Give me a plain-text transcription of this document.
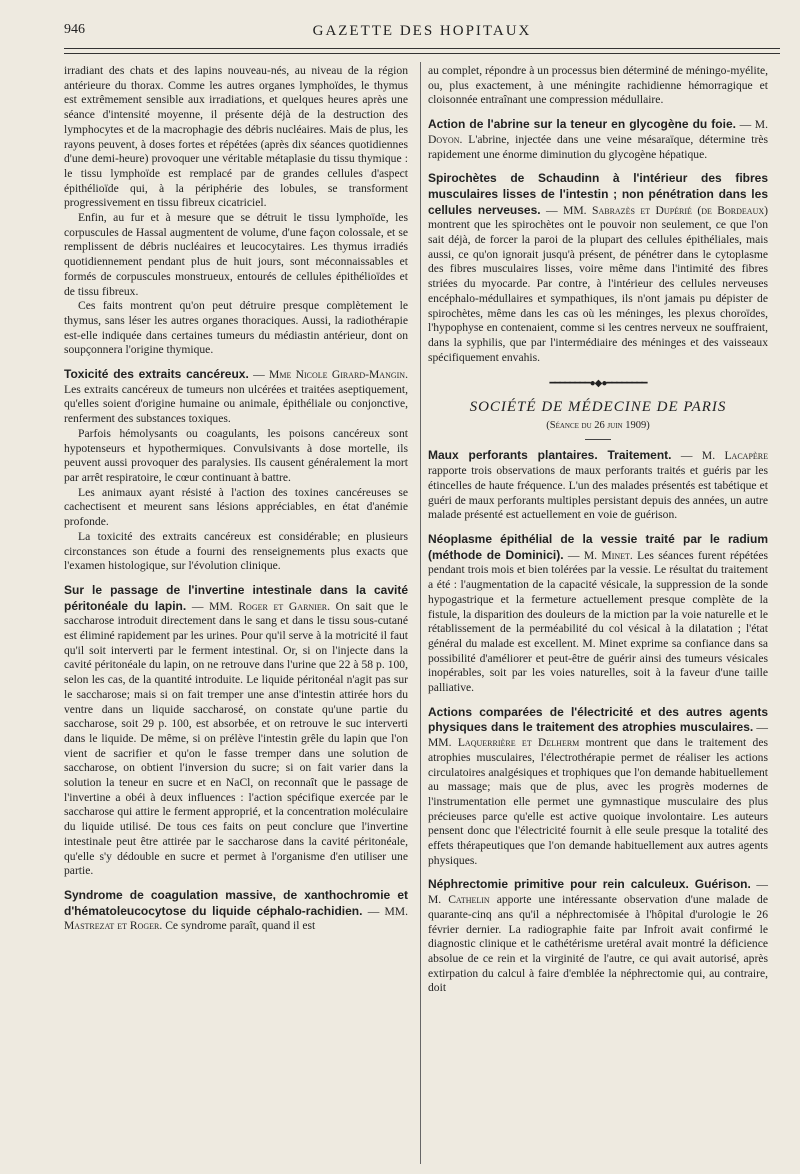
946	GAZETTE DES HOPITAUX

irradiant des chats et des lapins nouveau-nés, au niveau de la région antérieure du thorax. Comme les autres organes lymphoïdes, le thymus est extrêmement sensible aux irradiations, et quelques heures après une séance d'intensité moyenne, il présente déjà de la destruction des lymphocytes et de la macrophagie des débris nucléaires. Mais de plus, les rayons peuvent, à doses fortes et répétées (après dix séances quotidiennes d'une demi-heure) provoquer une véritable métaplasie du tissu thymique : le tissu lymphoïde est remplacé par de grandes cellules d'aspect épithélioïde qui, à la périphérie des lobules, se transforment progressivement en tissu fibreux cicatriciel.

Enfin, au fur et à mesure que se détruit le tissu lymphoïde, les corpuscules de Hassal augmentent de volume, d'une façon colossale, et se remplissent de débris nucléaires et leucocytaires. Les thymus irradiés quotidiennement pendant plus de huit jours, sont méconnaissables et formés de corpuscules monstrueux, entourés de cellules épithélioïdes et de tissu fibreux.

Ces faits montrent qu'on peut détruire presque complètement le thymus, sans léser les autres organes thoraciques. Aussi, la radiothérapie est-elle indiquée dans certaines tumeurs du médiastin antérieur, dont on soupçonnera l'origine thymique.

Toxicité des extraits cancéreux. — Mme Nicole Girard-Mangin. Les extraits cancéreux de tumeurs non ulcérées et traitées aseptiquement, qu'elles soient d'origine humaine ou animale, épithéliale ou conjonctive, renferment des substances toxiques.

Parfois hémolysants ou coagulants, les poisons cancéreux sont hypotenseurs et hypothermiques. Convulsivants à dose mortelle, ils peuvent aussi provoquer des paralysies. Ils causent généralement la mort par arrêt respiratoire, le cœur continuant à battre.

Les animaux ayant résisté à l'action des toxines cancéreuses se cachectisent et meurent sans lésions appréciables, en état d'anémie profonde.

La toxicité des extraits cancéreux est considérable; en plusieurs circonstances son étude a fourni des renseignements plus exacts que l'examen histologique, sur l'évolution clinique.

Sur le passage de l'invertine intestinale dans la cavité péritonéale du lapin. — MM. Roger et Garnier. On sait que le saccharose introduit directement dans le sang et dans le tissu sous-cutané est éliminé rapidement par les urines. Pour qu'il serve à la motricité il faut qu'il soit interverti par le ferment intestinal. Or, si on l'injecte dans la cavité péritonéale du lapin, on ne retrouve dans l'urine que 22 à 58 p. 100, selon les cas, de la quantité introduite. Le liquide péritonéal n'agit pas sur le saccharose; mais si on fait tremper une anse d'intestin attirée hors du ventre dans un liquide saccharosé, on constate qu'une partie du saccharose, soit 29 p. 100, est absorbée, et on retrouve le suc interverti dans le liquide. De même, si on prélève l'intestin grêle du lapin que l'on vient de sacrifier et qu'on le fasse tremper dans une solution de saccharose, on obtient l'inversion du sucre; si on fait varier dans la solution la teneur en sucre et en NaCl, on reconnaît que le passage de l'invertine a obéi à deux influences : l'action spécifique exercée par le saccharose qui attire le ferment approprié, et la concentration moléculaire du liquide utilisé. De tous ces faits on peut conclure que l'invertine intestinale peut être attirée par le saccharose dans la cavité péritonéale, qu'elle s'y dédouble en sucre et permet à l'organisme d'en utiliser une partie.

Syndrome de coagulation massive, de xanthochromie et d'hématoleucocytose du liquide céphalo-rachidien. — MM. Mastrezat et Roger. Ce syndrome paraît, quand il est

au complet, répondre à un processus bien déterminé de méningo-myélite, ou, plus exactement, à une méningite rachidienne hémorragique et cloisonnée entraînant une compression médullaire.

Action de l'abrine sur la teneur en glycogène du foie. — M. Doyon. L'abrine, injectée dans une veine mésaraïque, détermine très rapidement une énorme diminution du glycogène hépatique.

Spirochètes de Schaudinn à l'intérieur des fibres musculaires lisses de l'intestin ; non pénétration dans les cellules nerveuses. — MM. Sabrazès et Dupérié (de Bordeaux) montrent que les spirochètes ont le pouvoir non seulement, ce que l'on sait déjà, de forcer la paroi de la plupart des cellules épithéliales, mais aussi, ce qu'on ignorait jusqu'à présent, de pénétrer dans le cytoplasme des fibres musculaires lisses, voire même dans l'intimité des fibres striées du myocarde. Par contre, à l'intérieur des cellules nerveuses encéphalo-médullaires et sympathiques, ils n'ont jamais pu dépister de spirochètes, même dans les cas où les méninges, les plexus choroïdes, l'hypophyse en contenaient, comme si les centres nerveux ne souffraient, dans la syphilis, que par l'intermédiaire des méninges et des vaisseaux spécifiquement envahis.

━━━━━━━━●◆●━━━━━━━━
SOCIÉTÉ DE MÉDECINE DE PARIS
(Séance du 26 juin 1909)

Maux perforants plantaires. Traitement. — M. Lacapère rapporte trois observations de maux perforants traités et guéris par les étincelles de haute fréquence. L'un des malades présentés est tabétique et guéri de maux perforants multiples persistant depuis des années, un autre malade présenté est actuellement en voie de guérison.

Néoplasme épithélial de la vessie traité par le radium (méthode de Dominici). — M. Minet. Les séances furent répétées pendant trois mois et bien tolérées par la vessie. Le résultat du traitement a été : l'augmentation de la capacité vésicale, la suppression de la sonde hypogastrique et la fermeture actuellement presque complète de la fistule, la disparition des douleurs de la miction par la voie naturelle et le rétablissement de la perméabilité du col vésical à la dilatation ; l'état général du malade est excellent. M. Minet exprime sa confiance dans sa possibilité d'améliorer et peut-être de guérir ainsi des tumeurs vésicales inopérables, soit par les voies naturelles, soit à la faveur d'une taille palliative.

Actions comparées de l'électricité et des autres agents physiques dans le traitement des atrophies musculaires. — MM. Laquerrière et Delherm montrent que dans le traitement des atrophies musculaires, l'électrothérapie permet de réaliser les actions circulatoires analgésiques et trophiques que l'on demande habituellement au massage; mais que de plus, avec les progrès modernes de l'instrumentation elle permet une gymnastique musculaire des plus précieuses parce qu'elle est active quoique involontaire. Les auteurs pensent donc que l'électricité fournit à elle seule presque la totalité des effets thérapeutiques que l'on demande habituellement aux autres agents physiques.

Néphrectomie primitive pour rein calculeux. Guérison. — M. Cathelin apporte une intéressante observation d'une malade de quarante-cinq ans qu'il a néphrectomisée à l'hôpital d'urologie le 26 février dernier. La radiographie faite par Infroit avait confirmé le diagnostic clinique et le cathétérisme uretéral avait montré la déficience absolue de ce rein et la virginité de l'autre, ce qui avait autorisé, après extirpation du calcul à faire d'emblée la néphrectomie qui, au contraire, doit
